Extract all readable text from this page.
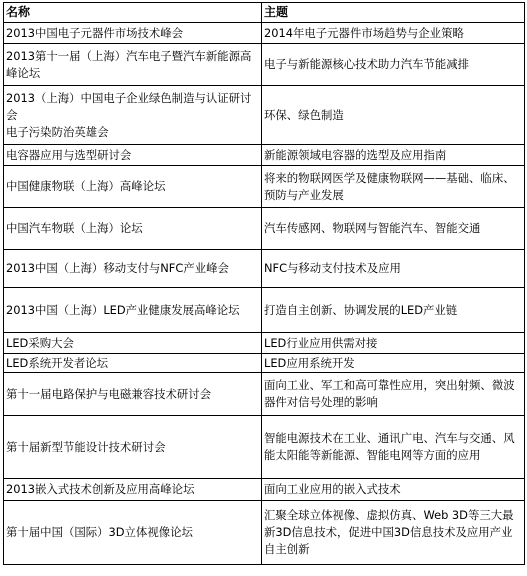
名称	主题

2013中国电子元器件市场技术峰会	2014年电子元器件市场趋势与企业策略

2013第十一届（上海）汽车电子暨汽车新能源高峰论坛	电子与新能源核心技术助力汽车节能减排

2013（上海）中国电子企业绿色制造与认证研讨会
电子污染防治英雄会	环保、绿色制造

电容器应用与选型研讨会	新能源领域电容器的选型及应用指南

中国健康物联（上海）高峰论坛	将来的物联网医学及健康物联网——基础、临床、预防与产业发展

中国汽车物联（上海）论坛	汽车传感网、物联网与智能汽车、智能交通

2013中国（上海）移动支付与NFC产业峰会	NFC与移动支付技术及应用

2013中国（上海）LED产业健康发展高峰论坛	打造自主创新、协调发展的LED产业链

LED采购大会	LED行业应用供需对接

LED系统开发者论坛	LED应用系统开发

第十一届电路保护与电磁兼容技术研讨会	面向工业、军工和高可靠性应用，突出射频、微波器件对信号处理的影响

第十届新型节能设计技术研讨会	智能电源技术在工业、通讯广电、汽车与交通、风能太阳能等新能源、智能电网等方面的应用

2013嵌入式技术创新及应用高峰论坛	面向工业应用的嵌入式技术

第十届中国（国际）3D立体视像论坛	汇聚全球立体视像、虚拟仿真、Web 3D等三大最新3D信息技术，促进中国3D信息技术及应用产业自主创新
